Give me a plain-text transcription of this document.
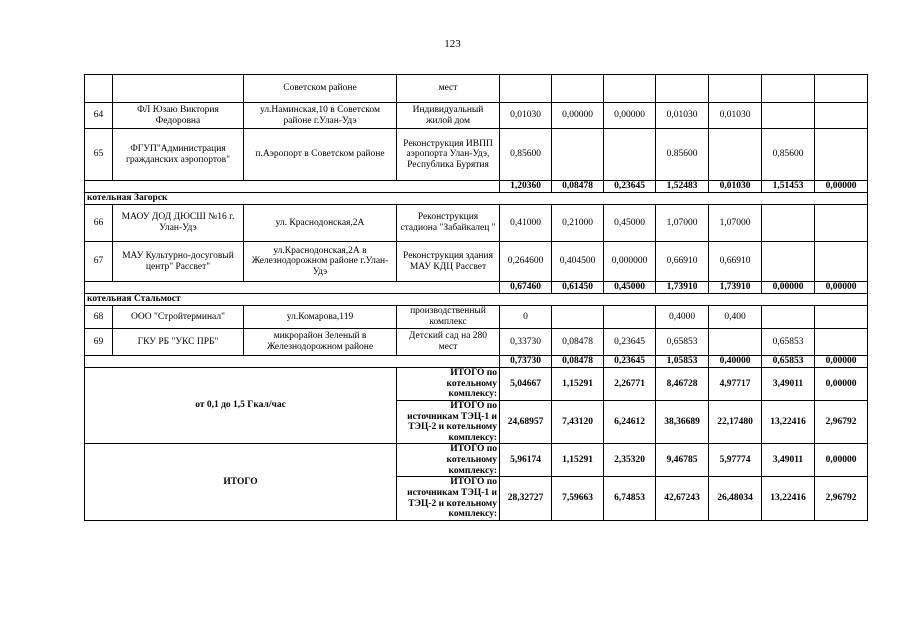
123
		Советском районе	мест							
64	ФЛ Юзаю Виктория Федоровна	ул.Наминская,10 в Советском районе г.Улан-Удэ	Индивидуальный жилой дом	0,01030	0,00000	0,00000	0,01030	0,01030		
65	ФГУП"Администрация гражданских аэропортов"	п.Аэропорт в Советском районе	Реконструкция ИВПП аэропорта Улан-Удэ, Республика Бурятия	0,85600			0.85600		0,85600	
				1,20360	0,08478	0,23645	1,52483	0,01030	1,51453	0,00000
котельная Загорск										
66	МАОУ ДОД ДЮСШ №16 г. Улан-Удэ	ул. Краснодонская,2А	Реконструкция стадиона "Забайкалец "	0,41000	0,21000	0,45000	1,07000	1,07000		
67	МАУ Культурно-досуговый центр" Рассвет"	ул.Краснодонская,2А в Железнодорожном районе г.Улан-Удэ	Реконструкция здания МАУ КДЦ Рассвет	0,264600	0,404500	0,000000	0,66910	0,66910		
				0,67460	0,61450	0,45000	1,73910	1,73910	0,00000	0,00000
котельная Стальмост										
68	ООО "Стройтерминал"	ул.Комарова,119	производственный комплекс	0			0,4000	0,400		
69	ГКУ РБ "УКС ПРБ"	микрорайон Зеленый в Железнодорожном районе	Детский сад на 280 мест	0,33730	0,08478	0,23645	0,65853		0,65853	
				0,73730	0,08478	0,23645	1,05853	0,40000	0,65853	0,00000
от 0,1 до 1,5 Гкал/час			ИТОГО по котельному комплексу:	5,04667	1,15291	2,26771	8,46728	4,97717	3,49011	0,00000
			ИТОГО по источникам ТЭЦ-1 и ТЭЦ-2 и котельному комплексу:	24,68957	7,43120	6,24612	38,36689	22,17480	13,22416	2,96792
ИТОГО			ИТОГО по котельному комплексу:	5,96174	1,15291	2,35320	9,46785	5,97774	3,49011	0,00000
			ИТОГО по источникам ТЭЦ-1 и ТЭЦ-2 и котельному комплексу:	28,32727	7,59663	6,74853	42,67243	26,48034	13,22416	2,96792
